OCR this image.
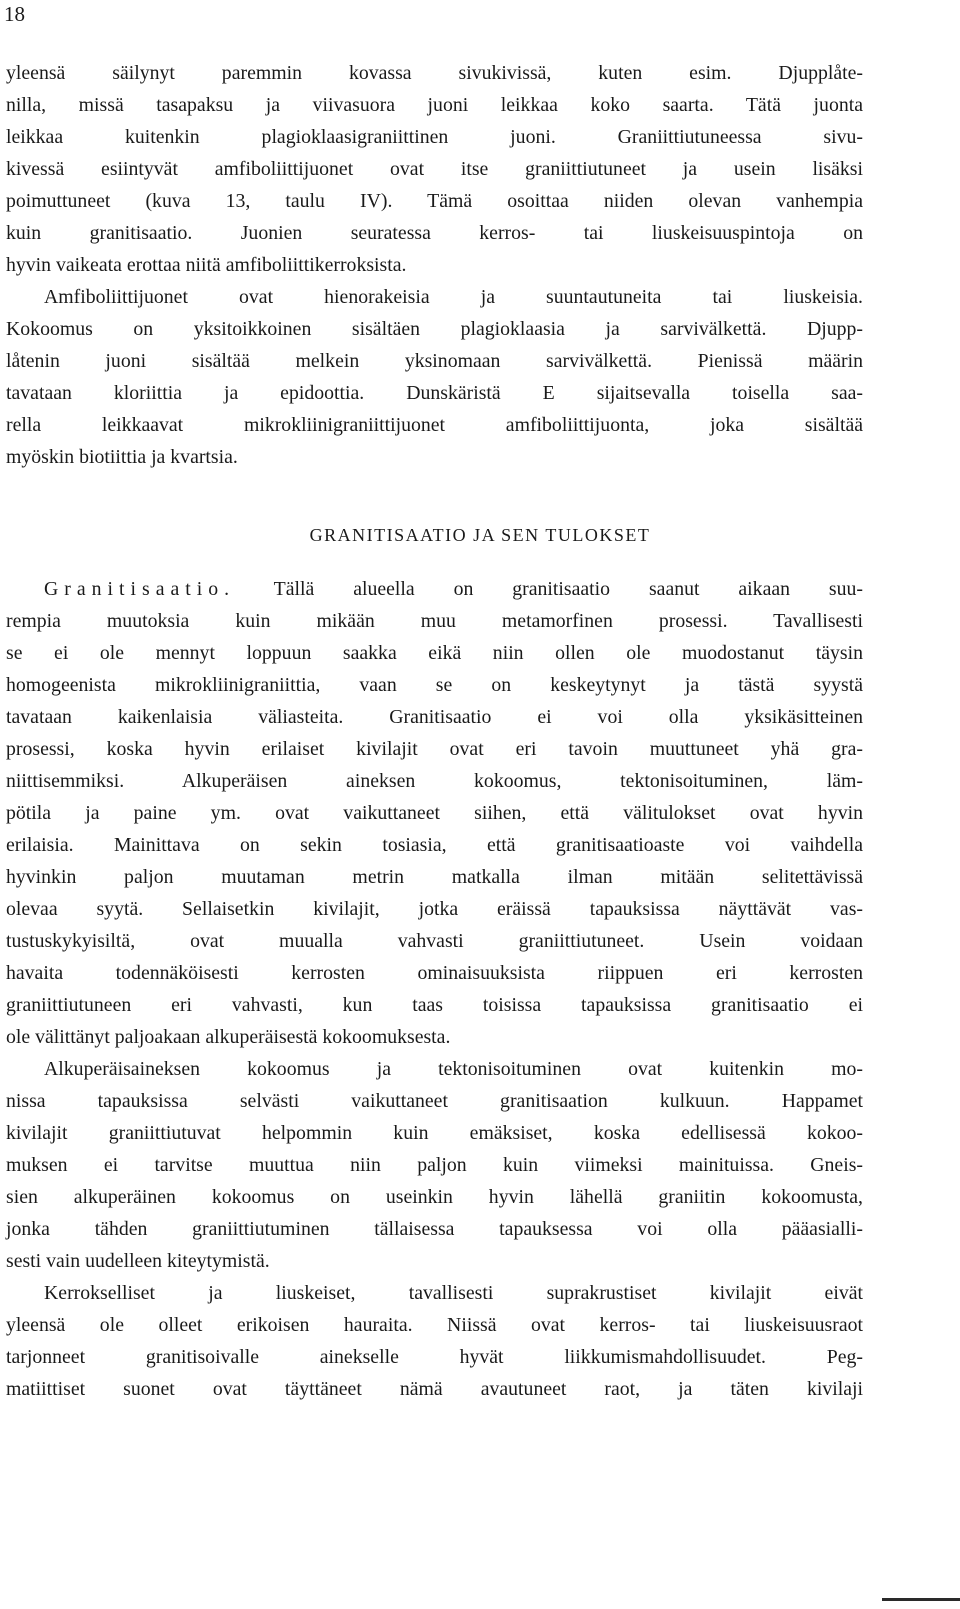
18
yleensä säilynyt paremmin kovassa sivukivissä, kuten esim. Djupplåte-
nilla, missä tasapaksu ja viivasuora juoni leikkaa koko saarta. Tätä juonta
leikkaa kuitenkin plagioklaasigraniittinen juoni. Graniittiutuneessa sivu-
kivessä esiintyvät amfiboliittijuonet ovat itse graniittiutuneet ja usein lisäksi
poimuttuneet (kuva 13, taulu IV). Tämä osoittaa niiden olevan vanhempia
kuin granitisaatio. Juonien seuratessa kerros- tai liuskeisuuspintoja on
hyvin vaikeata erottaa niitä amfiboliittikerroksista.
Amfiboliittijuonet ovat hienorakeisia ja suuntautuneita tai liuskeisia.
Kokoomus on yksitoikkoinen sisältäen plagioklaasia ja sarvivälkettä. Djupp-
låtenin juoni sisältää melkein yksinomaan sarvivälkettä. Pienissä määrin
tavataan kloriittia ja epidoottia. Dunskäristä E sijaitsevalla toisella saa-
rella leikkaavat mikrokliinigraniittijuonet amfiboliittijuonta, joka sisältää
myöskin biotiittia ja kvartsia.
GRANITISAATIO JA SEN TULOKSET
Granitisaatio. Tällä alueella on granitisaatio saanut aikaan suu-
rempia muutoksia kuin mikään muu metamorfinen prosessi. Tavallisesti
se ei ole mennyt loppuun saakka eikä niin ollen ole muodostanut täysin
homogeenista mikrokliinigraniittia, vaan se on keskeytynyt ja tästä syystä
tavataan kaikenlaisia väliasteita. Granitisaatio ei voi olla yksikäsitteinen
prosessi, koska hyvin erilaiset kivilajit ovat eri tavoin muuttuneet yhä gra-
niittisemmiksi. Alkuperäisen aineksen kokoomus, tektonisoituminen, läm-
pötila ja paine ym. ovat vaikuttaneet siihen, että välitulokset ovat hyvin
erilaisia. Mainittava on sekin tosiasia, että granitisaatioaste voi vaihdella
hyvinkin paljon muutaman metrin matkalla ilman mitään selitettävissä
olevaa syytä. Sellaisetkin kivilajit, jotka eräissä tapauksissa näyttävät vas-
tustuskykyisiltä, ovat muualla vahvasti graniittiutuneet. Usein voidaan
havaita todennäköisesti kerrosten ominaisuuksista riippuen eri kerrosten
graniittiutuneen eri vahvasti, kun taas toisissa tapauksissa granitisaatio ei
ole välittänyt paljoakaan alkuperäisestä kokoomuksesta.
Alkuperäisaineksen kokoomus ja tektonisoituminen ovat kuitenkin mo-
nissa tapauksissa selvästi vaikuttaneet granitisaation kulkuun. Happamet
kivilajit graniittiutuvat helpommin kuin emäksiset, koska edellisessä kokoo-
muksen ei tarvitse muuttua niin paljon kuin viimeksi mainituissa. Gneis-
sien alkuperäinen kokoomus on useinkin hyvin lähellä graniitin kokoomusta,
jonka tähden graniittiutuminen tällaisessa tapauksessa voi olla pääasialli-
sesti vain uudelleen kiteytymistä.
Kerrokselliset ja liuskeiset, tavallisesti suprakrustiset kivilajit eivät
yleensä ole olleet erikoisen hauraita. Niissä ovat kerros- tai liuskeisuusraot
tarjonneet granitisoivalle ainekselle hyvät liikkumismahdollisuudet. Peg-
matiittiset suonet ovat täyttäneet nämä avautuneet raot, ja täten kivilaji
